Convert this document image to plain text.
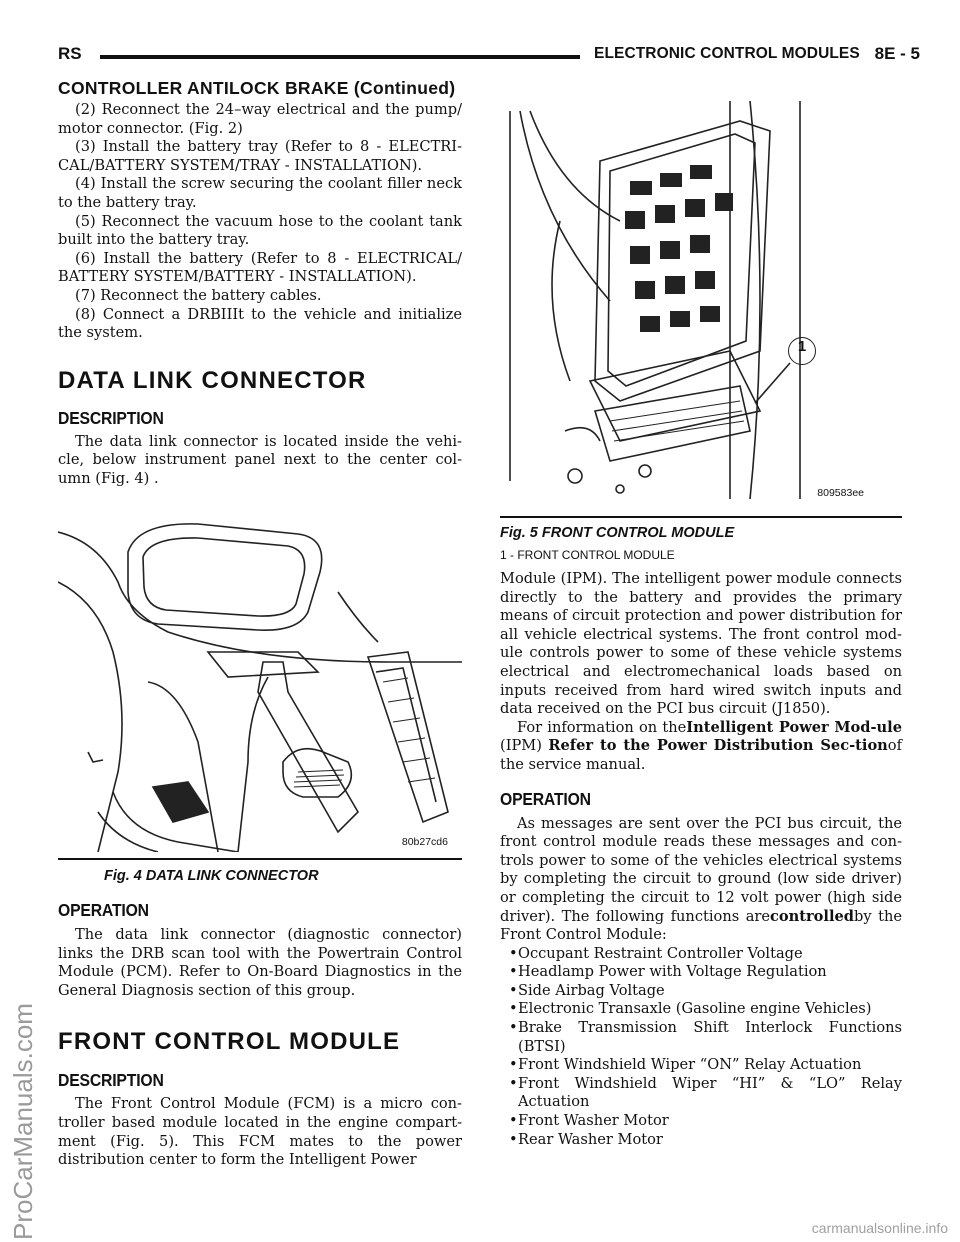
RS	ELECTRONIC CONTROL MODULES 8E - 5
CONTROLLER ANTILOCK BRAKE (Continued)

(2) Reconnect the 24–way electrical and the pump/ motor connector. (Fig. 2)

(3) Install the battery tray (Refer to 8 - ELECTRI-CAL/BATTERY SYSTEM/TRAY - INSTALLATION).

(4) Install the screw securing the coolant filler neck to the battery tray.

(5) Reconnect the vacuum hose to the coolant tank built into the battery tray.

(6) Install the battery (Refer to 8 - ELECTRICAL/ BATTERY SYSTEM/BATTERY - INSTALLATION).

(7) Reconnect the battery cables.

(8) Connect a DRBIIIt to the vehicle and initialize the system.

DATA LINK CONNECTOR
DESCRIPTION

The data link connector is located inside the vehi-cle, below instrument panel next to the center col-umn (Fig. 4) .

80b27cd6
Fig. 4 DATA LINK CONNECTOR
OPERATION

The data link connector (diagnostic connector) links the DRB scan tool with the Powertrain Control Module (PCM). Refer to On-Board Diagnostics in the General Diagnosis section of this group.

FRONT CONTROL MODULE
DESCRIPTION

The Front Control Module (FCM) is a micro con-troller based module located in the engine compart-ment (Fig. 5). This FCM mates to the power distribution center to form the Intelligent Power

1
809583ee
Fig. 5 FRONT CONTROL MODULE
1 - FRONT CONTROL MODULE

Module (IPM). The intelligent power module connects directly to the battery and provides the primary means of circuit protection and power distribution for all vehicle electrical systems. The front control mod-ule controls power to some of these vehicle systems electrical and electromechanical loads based on inputs received from hard wired switch inputs and data received on the PCI bus circuit (J1850).

For information on theIntelligent Power Mod-ule (IPM) Refer to the Power Distribution Sec-tionof the service manual.

OPERATION

As messages are sent over the PCI bus circuit, the front control module reads these messages and con-trols power to some of the vehicles electrical systems by completing the circuit to ground (low side driver) or completing the circuit to 12 volt power (high side driver). The following functions arecontrolledby the Front Control Module:

• Occupant Restraint Controller Voltage

• Headlamp Power with Voltage Regulation

• Side Airbag Voltage

• Electronic Transaxle (Gasoline engine Vehicles)

• Brake Transmission Shift Interlock Functions (BTSI)

• Front Windshield Wiper “ON” Relay Actuation

• Front Windshield Wiper “HI” & “LO” Relay Actuation

• Front Washer Motor

• Rear Washer Motor

ProCarManuals.com	carmanualsonline.info
